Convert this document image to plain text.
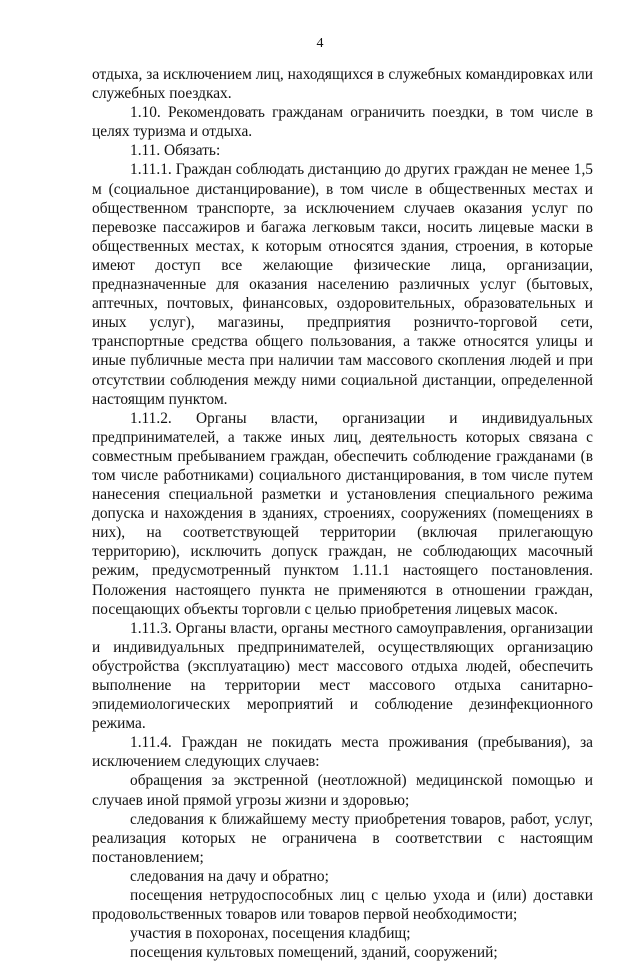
4

отдыха, за исключением лиц, находящихся в служебных командировках или служебных поездках.

1.10. Рекомендовать гражданам ограничить поездки, в том числе в целях туризма и отдыха.

1.11. Обязать:

1.11.1. Граждан соблюдать дистанцию до других граждан не менее 1,5 м (социальное дистанцирование), в том числе в общественных местах и общественном транспорте, за исключением случаев оказания услуг по перевозке пассажиров и багажа легковым такси, носить лицевые маски в общественных местах, к которым относятся здания, строения, в которые имеют доступ все желающие физические лица, организации, предназначенные для оказания населению различных услуг (бытовых, аптечных, почтовых, финансовых, оздоровительных, образовательных и иных услуг), магазины, предприятия розничто-торговой сети, транспортные средства общего пользования, а также относятся улицы и иные публичные места при наличии там массового скопления людей и при отсутствии соблюдения между ними социальной дистанции, определенной настоящим пунктом.

1.11.2. Органы власти, организации и индивидуальных предпринимателей, а также иных лиц, деятельность которых связана с совместным пребыванием граждан, обеспечить соблюдение гражданами (в том числе работниками) социального дистанцирования, в том числе путем нанесения специальной разметки и установления специального режима допуска и нахождения в зданиях, строениях, сооружениях (помещениях в них), на соответствующей территории (включая прилегающую территорию), исключить допуск граждан, не соблюдающих масочный режим, предусмотренный пунктом 1.11.1 настоящего постановления. Положения настоящего пункта не применяются в отношении граждан, посещающих объекты торговли с целью приобретения лицевых масок.

1.11.3. Органы власти, органы местного самоуправления, организации и индивидуальных предпринимателей, осуществляющих организацию обустройства (эксплуатацию) мест массового отдыха людей, обеспечить выполнение на территории мест массового отдыха санитарно-эпидемиологических мероприятий и соблюдение дезинфекционного режима.

1.11.4. Граждан не покидать места проживания (пребывания), за исключением следующих случаев:

обращения за экстренной (неотложной) медицинской помощью и случаев иной прямой угрозы жизни и здоровью;

следования к ближайшему месту приобретения товаров, работ, услуг, реализация которых не ограничена в соответствии с настоящим постановлением;

следования на дачу и обратно;

посещения нетрудоспособных лиц с целью ухода и (или) доставки продовольственных товаров или товаров первой необходимости;

участия в похоронах, посещения кладбищ;

посещения культовых помещений, зданий, сооружений;
